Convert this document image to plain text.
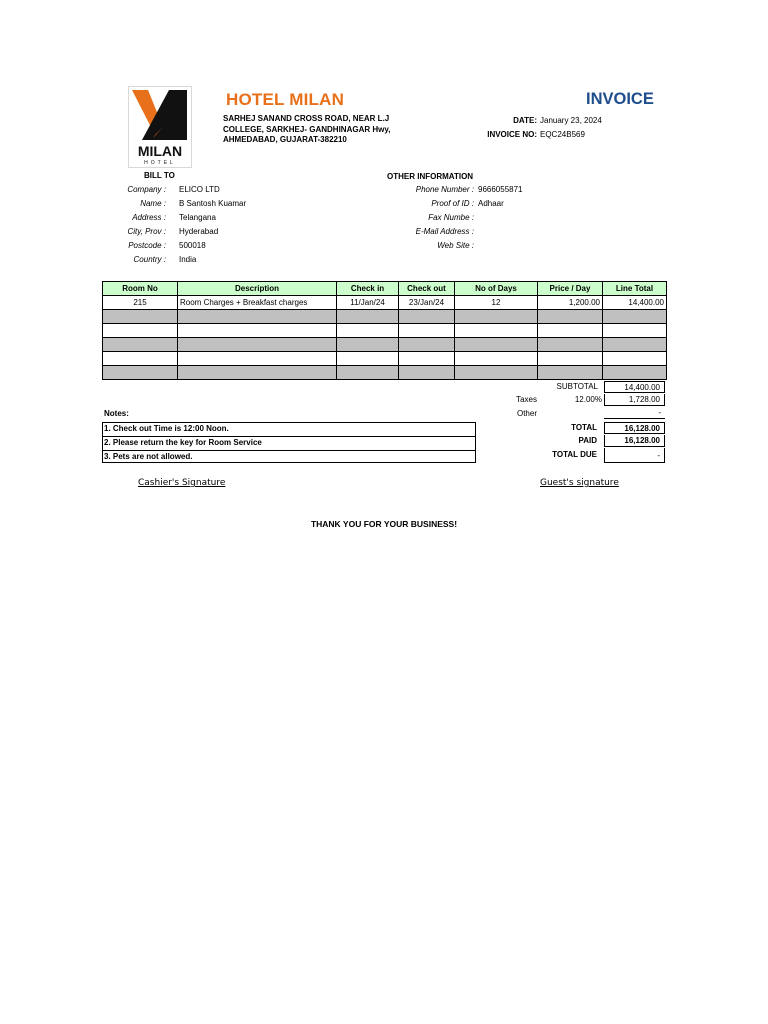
MILAN
HOTEL
HOTEL MILAN
SARHEJ SANAND CROSS ROAD, NEAR L.J
COLLEGE, SARKHEJ- GANDHINAGAR Hwy,
AHMEDABAD, GUJARAT-382210
INVOICE
DATE: January 23, 2024
INVOICE NO: EQC24B569
BILL TO
Company : ELICO LTD
Name : B Santosh Kuamar
Address : Telangana
City, Prov : Hyderabad
Postcode : 500018
Country : India
OTHER INFORMATION
Phone Number : 9666055871
Proof of ID : Adhaar
Fax Numbe :
E-Mail Address :
Web Site :
Room No	Description	Check in	Check out	No of Days	Price / Day	Line Total
215	Room Charges + Breakfast charges	11/Jan/24	23/Jan/24	12	1,200.00	14,400.00

SUBTOTAL	14,400.00
Taxes	12.00%	1,728.00
Other	-
TOTAL	16,128.00
PAID	16,128.00
TOTAL DUE	-
Notes:
1. Check out Time is 12:00 Noon.
2. Please return the key for Room Service
3. Pets are not allowed.
Cashier's Signature	Guest's signature
THANK YOU FOR YOUR BUSINESS!
